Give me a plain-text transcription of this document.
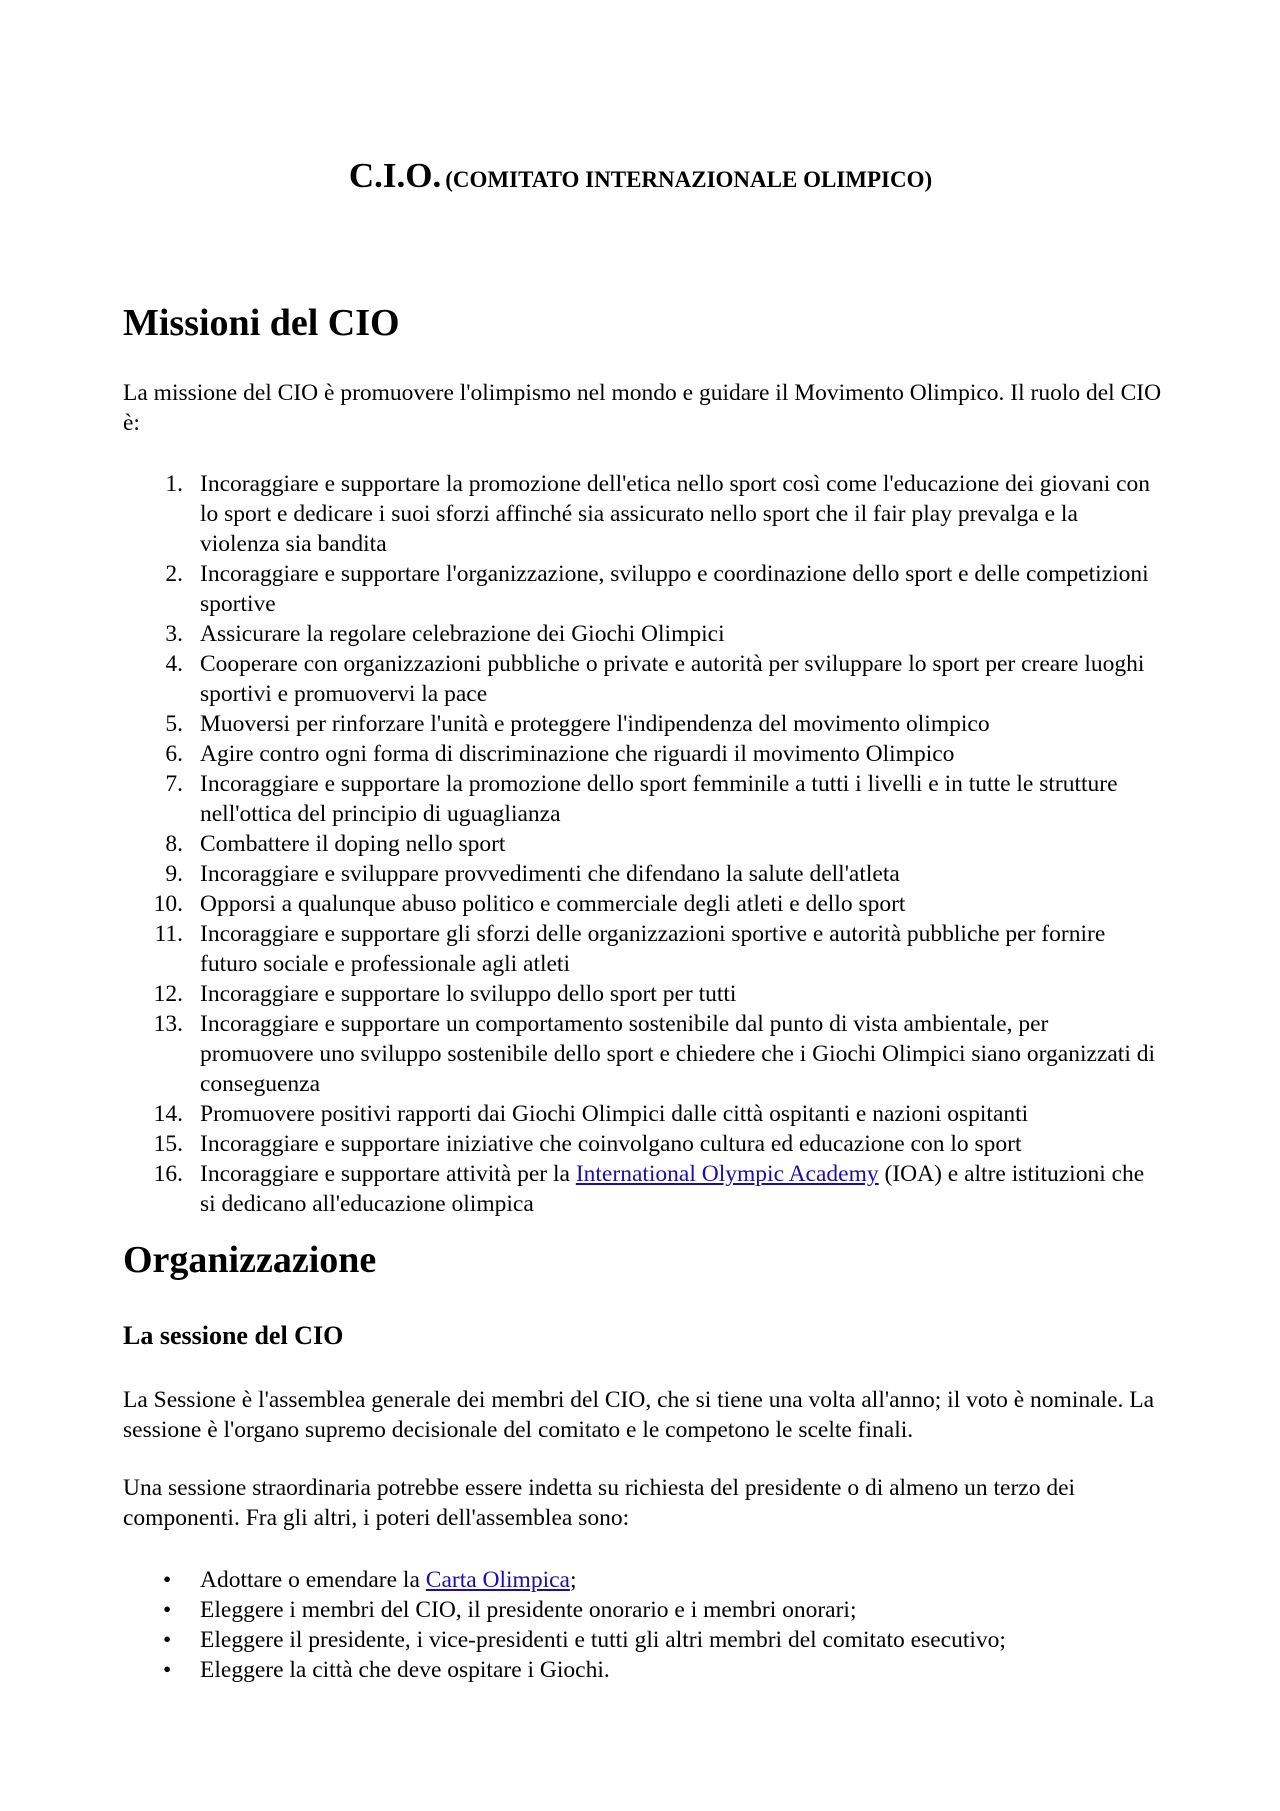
C.I.O. (COMITATO INTERNAZIONALE OLIMPICO)
Missioni del CIO

La missione del CIO è promuovere l'olimpismo nel mondo e guidare il Movimento Olimpico. Il ruolo del CIO è:

1. Incoraggiare e supportare la promozione dell'etica nello sport così come l'educazione dei giovani con lo sport e dedicare i suoi sforzi affinché sia assicurato nello sport che il fair play prevalga e la violenza sia bandita
2. Incoraggiare e supportare l'organizzazione, sviluppo e coordinazione dello sport e delle competizioni sportive
3. Assicurare la regolare celebrazione dei Giochi Olimpici
4. Cooperare con organizzazioni pubbliche o private e autorità per sviluppare lo sport per creare luoghi sportivi e promuovervi la pace
5. Muoversi per rinforzare l'unità e proteggere l'indipendenza del movimento olimpico
6. Agire contro ogni forma di discriminazione che riguardi il movimento Olimpico
7. Incoraggiare e supportare la promozione dello sport femminile a tutti i livelli e in tutte le strutture nell'ottica del principio di uguaglianza
8. Combattere il doping nello sport
9. Incoraggiare e sviluppare provvedimenti che difendano la salute dell'atleta
10. Opporsi a qualunque abuso politico e commerciale degli atleti e dello sport
11. Incoraggiare e supportare gli sforzi delle organizzazioni sportive e autorità pubbliche per fornire futuro sociale e professionale agli atleti
12. Incoraggiare e supportare lo sviluppo dello sport per tutti
13. Incoraggiare e supportare un comportamento sostenibile dal punto di vista ambientale, per promuovere uno sviluppo sostenibile dello sport e chiedere che i Giochi Olimpici siano organizzati di conseguenza
14. Promuovere positivi rapporti dai Giochi Olimpici dalle città ospitanti e nazioni ospitanti
15. Incoraggiare e supportare iniziative che coinvolgano cultura ed educazione con lo sport
16. Incoraggiare e supportare attività per la International Olympic Academy (IOA) e altre istituzioni che si dedicano all'educazione olimpica
Organizzazione
La sessione del CIO

La Sessione è l'assemblea generale dei membri del CIO, che si tiene una volta all'anno; il voto è nominale. La sessione è l'organo supremo decisionale del comitato e le competono le scelte finali.

Una sessione straordinaria potrebbe essere indetta su richiesta del presidente o di almeno un terzo dei componenti. Fra gli altri, i poteri dell'assemblea sono:

• Adottare o emendare la Carta Olimpica;
• Eleggere i membri del CIO, il presidente onorario e i membri onorari;
• Eleggere il presidente, i vice-presidenti e tutti gli altri membri del comitato esecutivo;
• Eleggere la città che deve ospitare i Giochi.
